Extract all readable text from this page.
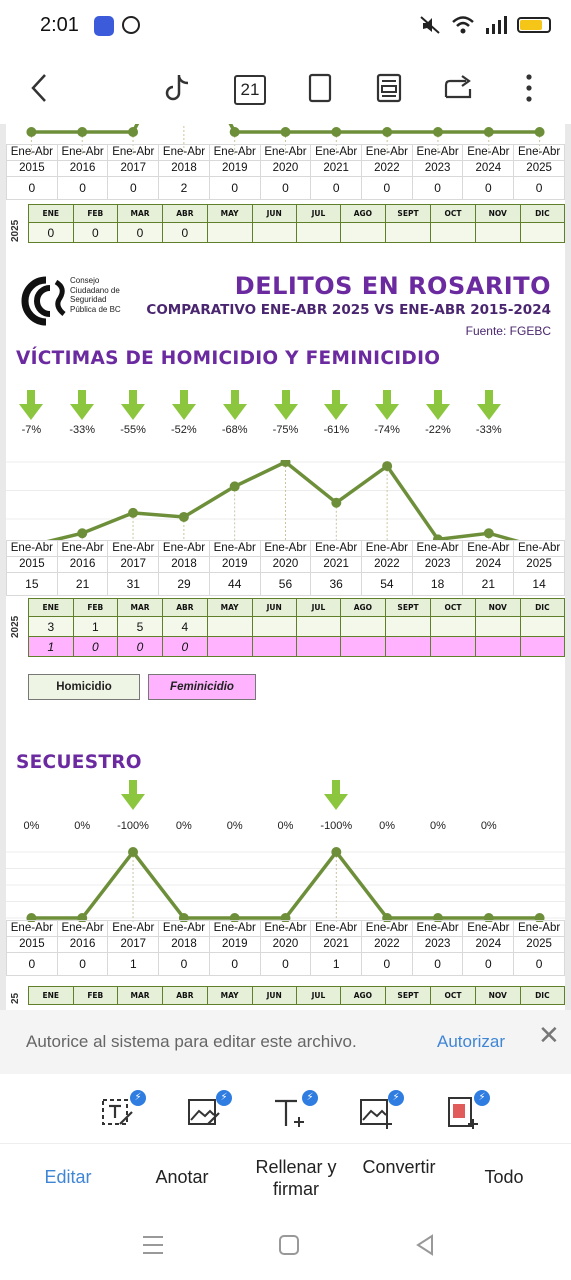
2:01
21
Ene-Abr	Ene-Abr	Ene-Abr	Ene-Abr	Ene-Abr	Ene-Abr	Ene-Abr	Ene-Abr	Ene-Abr	Ene-Abr	Ene-Abr
2015	2016	2017	2018	2019	2020	2021	2022	2023	2024	2025
0	0	0	2	0	0	0	0	0	0	0
2025
ENE	FEB	MAR	ABR	MAY	JUN	JUL	AGO	SEPT	OCT	NOV	DIC
0	0	0	0								
Consejo
Ciudadano de
Seguridad
Pública de BC
DELITOS EN ROSARITO
COMPARATIVO ENE-ABR 2025 VS ENE-ABR 2015-2024
Fuente: FGEBC
VÍCTIMAS DE HOMICIDIO Y FEMINICIDIO
-7%	-33%	-55%	-52%	-68%	-75%	-61%	-74%	-22%	-33%
Ene-Abr	Ene-Abr	Ene-Abr	Ene-Abr	Ene-Abr	Ene-Abr	Ene-Abr	Ene-Abr	Ene-Abr	Ene-Abr	Ene-Abr
2015	2016	2017	2018	2019	2020	2021	2022	2023	2024	2025
15	21	31	29	44	56	36	54	18	21	14
2025
ENE	FEB	MAR	ABR	MAY	JUN	JUL	AGO	SEPT	OCT	NOV	DIC
3	1	5	4								
1	0	0	0								
Homicidio	Feminicidio
SECUESTRO
0%	0%	-100%	0%	0%	0%	-100%	0%	0%	0%
Ene-Abr	Ene-Abr	Ene-Abr	Ene-Abr	Ene-Abr	Ene-Abr	Ene-Abr	Ene-Abr	Ene-Abr	Ene-Abr	Ene-Abr
2015	2016	2017	2018	2019	2020	2021	2022	2023	2024	2025
0	0	1	0	0	0	1	0	0	0	0
25	ENE	FEB	MAR	ABR	MAY	JUN	JUL	AGO	SEPT	OCT	NOV	DIC
Autorice al sistema para editar este archivo.	Autorizar ✕
⚡	⚡	⚡	⚡	⚡
Editar	Anotar	Rellenar y firmar
Convertir	Todo
